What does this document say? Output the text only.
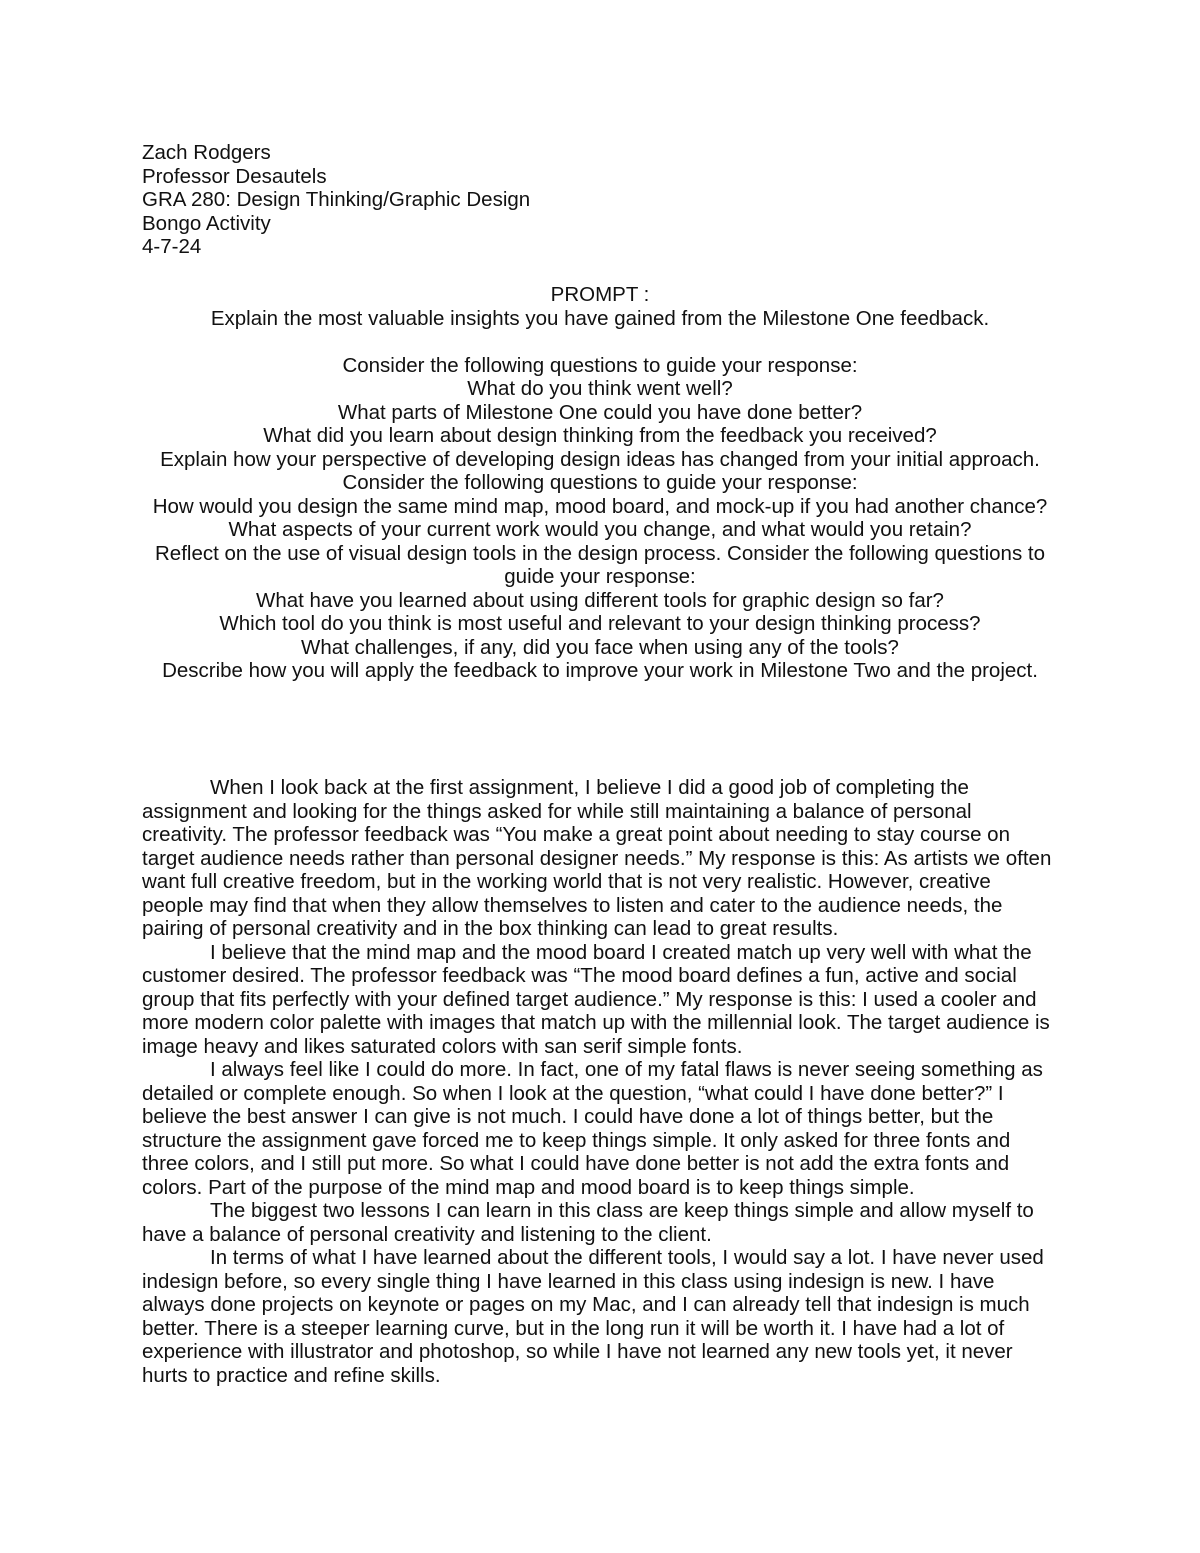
Zach Rodgers
Professor Desautels
GRA 280: Design Thinking/Graphic Design
Bongo Activity
4-7-24
PROMPT :
Explain the most valuable insights you have gained from the Milestone One feedback.
Consider the following questions to guide your response:
What do you think went well?
What parts of Milestone One could you have done better?
What did you learn about design thinking from the feedback you received?
Explain how your perspective of developing design ideas has changed from your initial approach. Consider the following questions to guide your response:
How would you design the same mind map, mood board, and mock-up if you had another chance?
What aspects of your current work would you change, and what would you retain?
Reflect on the use of visual design tools in the design process. Consider the following questions to guide your response:
What have you learned about using different tools for graphic design so far?
Which tool do you think is most useful and relevant to your design thinking process?
What challenges, if any, did you face when using any of the tools?
Describe how you will apply the feedback to improve your work in Milestone Two and the project.

When I look back at the first assignment, I believe I did a good job of completing the assignment and looking for the things asked for while still maintaining a balance of personal creativity. The professor feedback was “You make a great point about needing to stay course on target audience needs rather than personal designer needs.” My response is this: As artists we often want full creative freedom, but in the working world that is not very realistic. However, creative people may find that when they allow themselves to listen and cater to the audience needs, the pairing of personal creativity and in the box thinking can lead to great results.

I believe that the mind map and the mood board I created match up very well with what the customer desired. The professor feedback was “The mood board defines a fun, active and social group that fits perfectly with your defined target audience.” My response is this: I used a cooler and more modern color palette with images that match up with the millennial look. The target audience is image heavy and likes saturated colors with san serif simple fonts.

I always feel like I could do more. In fact, one of my fatal flaws is never seeing something as detailed or complete enough. So when I look at the question, “what could I have done better?” I believe the best answer I can give is not much. I could have done a lot of things better, but the structure the assignment gave forced me to keep things simple. It only asked for three fonts and three colors, and I still put more. So what I could have done better is not add the extra fonts and colors. Part of the purpose of the mind map and mood board is to keep things simple.

The biggest two lessons I can learn in this class are keep things simple and allow myself to have a balance of personal creativity and listening to the client.

In terms of what I have learned about the different tools, I would say a lot. I have never used indesign before, so every single thing I have learned in this class using indesign is new. I have always done projects on keynote or pages on my Mac, and I can already tell that indesign is much better. There is a steeper learning curve, but in the long run it will be worth it. I have had a lot of experience with illustrator and photoshop, so while I have not learned any new tools yet, it never hurts to practice and refine skills.
